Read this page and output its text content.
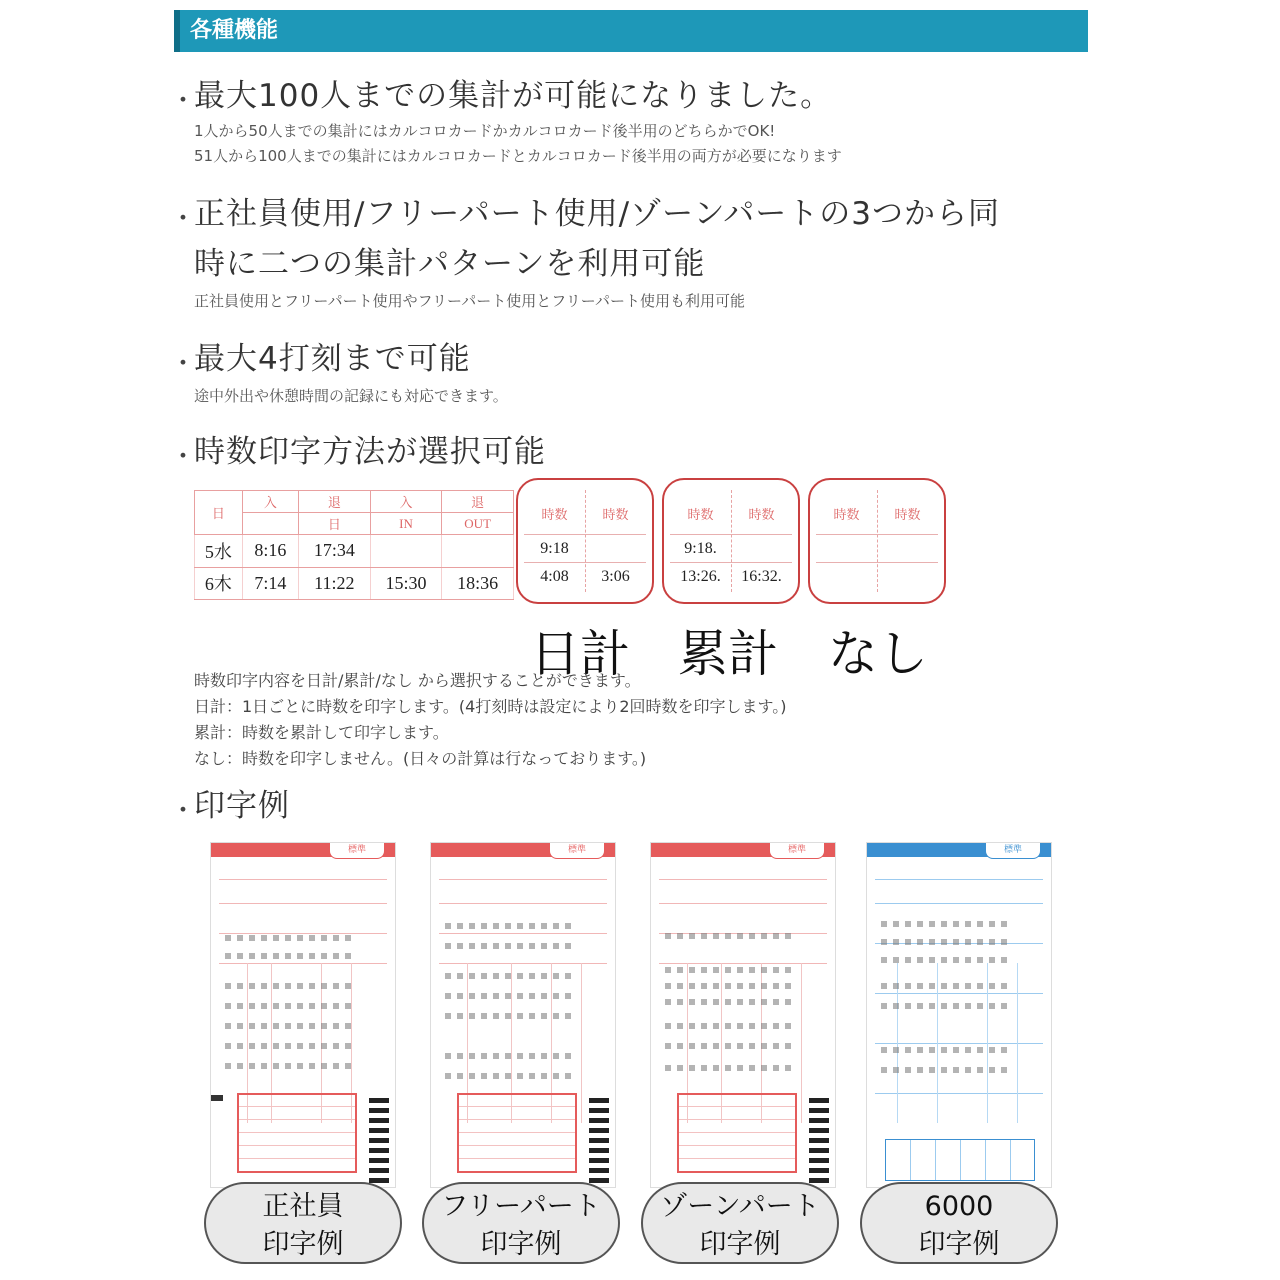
各種機能
・
最大100人までの集計が可能になりました。
1人から50人までの集計にはカルコロカードかカルコロカード後半用のどちらかでOK!
51人から100人までの集計にはカルコロカードとカルコロカード後半用の両方が必要になります
・
正社員使用/フリーパート使用/ゾーンパートの3つから同
時に二つの集計パターンを利用可能
正社員使用とフリーパート使用やフリーパート使用とフリーパート使用も利用可能
・
最大4打刻まで可能
途中外出や休憩時間の記録にも対応できます。
・
時数印字方法が選択可能
日	入	退	入	退
		日	IN	OUT
5水	8:16	17:34		
6木	7:14	11:22	15:30	18:36
時数	時数
9:18
4:08	3:06
時数	時数
9:18.
13:26.	16:32.
時数	時数
日計 累計 なし
時数印字内容を日計/累計/なし から選択することができます。
日計：1日ごとに時数を印字します。(4打刻時は設定により2回時数を印字します。)
累計：時数を累計して印字します。
なし：時数を印字しません。(日々の計算は行なっております。)
・
印字例
標準	標準	標準	標準
正社員
印字例
フリーパート
印字例
ゾーンパート
印字例
6000
印字例
